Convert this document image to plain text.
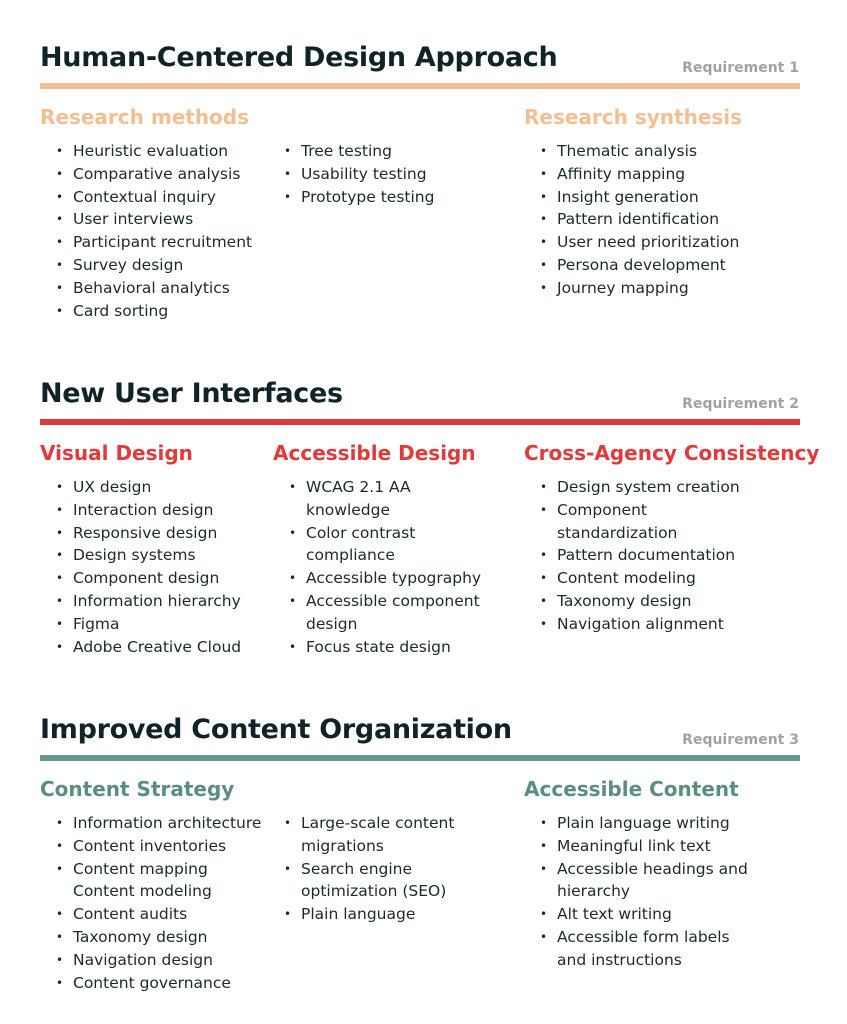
Human-Centered Design Approach	Requirement 1
Research methods
• Heuristic evaluation
• Comparative analysis
• Contextual inquiry
• User interviews
• Participant recruitment
• Survey design
• Behavioral analytics
• Card sorting
• Tree testing
• Usability testing
• Prototype testing
Research synthesis
• Thematic analysis
• Affinity mapping
• Insight generation
• Pattern identification
• User need prioritization
• Persona development
• Journey mapping
New User Interfaces	Requirement 2
Visual Design
• UX design
• Interaction design
• Responsive design
• Design systems
• Component design
• Information hierarchy
• Figma
• Adobe Creative Cloud
Accessible Design
• WCAG 2.1 AA knowledge
• Color contrast compliance
• Accessible typography
• Accessible component design
• Focus state design
Cross-Agency Consistency
• Design system creation
• Component standardization
• Pattern documentation
• Content modeling
• Taxonomy design
• Navigation alignment
Improved Content Organization	Requirement 3
Content Strategy
• Information architecture
• Content inventories
• Content mapping Content modeling
• Content audits
• Taxonomy design
• Navigation design
• Content governance
• Large-scale content migrations
• Search engine optimization (SEO)
• Plain language
Accessible Content
• Plain language writing
• Meaningful link text
• Accessible headings and hierarchy
• Alt text writing
• Accessible form labels and instructions
